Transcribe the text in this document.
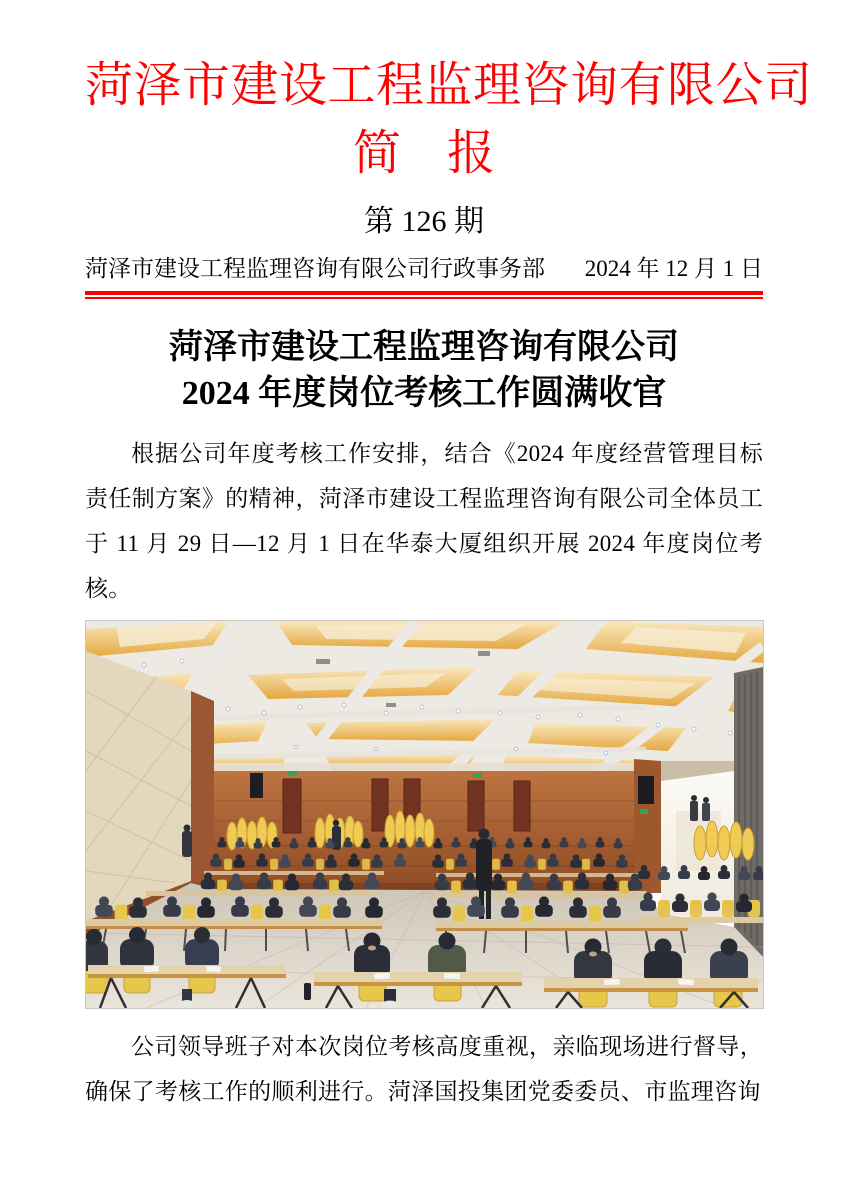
菏泽市建设工程监理咨询有限公司
简 报
第 126 期
菏泽市建设工程监理咨询有限公司行政事务部 2024 年 12 月 1 日
菏泽市建设工程监理咨询有限公司
2024 年度岗位考核工作圆满收官

根据公司年度考核工作安排，结合《2024 年度经营管理目标责任制方案》的精神，菏泽市建设工程监理咨询有限公司全体员工于 11 月 29 日—12 月 1 日在华泰大厦组织开展 2024 年度岗位考核。

公司领导班子对本次岗位考核高度重视，亲临现场进行督导，确保了考核工作的顺利进行。菏泽国投集团党委委员、市监理咨询
